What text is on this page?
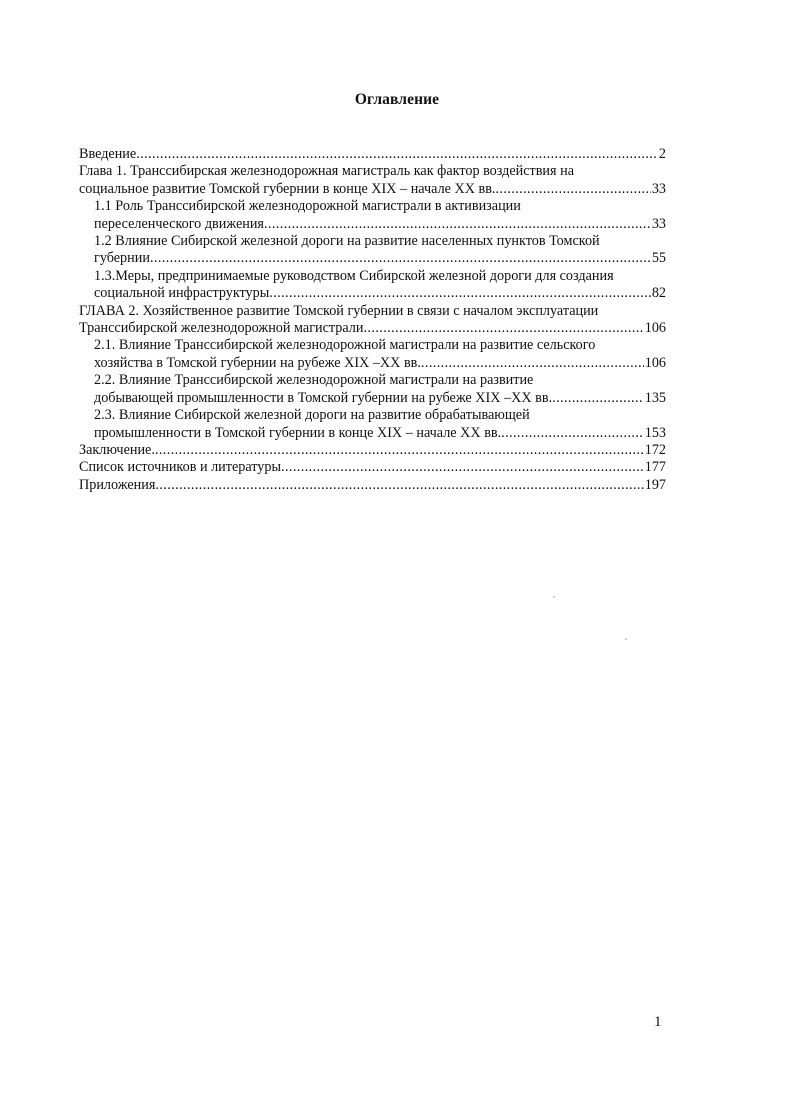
Оглавление
Введение .....	2
Глава 1. Транссибирская железнодорожная магистраль как фактор воздействия на
социальное развитие Томской губернии в конце XIX – начале XX вв. .....	33
1.1 Роль Транссибирской железнодорожной магистрали в активизации
переселенческого движения .....	33
1.2 Влияние Сибирской железной дороги на развитие населенных пунктов Томской
губернии .....	55
1.3.Меры, предпринимаемые руководством Сибирской железной дороги для создания
социальной инфраструктуры .....	82
ГЛАВА 2. Хозяйственное развитие Томской губернии в связи с началом эксплуатации
Транссибирской железнодорожной магистрали .....	106
2.1. Влияние Транссибирской железнодорожной магистрали на развитие сельского
хозяйства в Томской губернии на рубеже XIX –XX вв. .....	106
2.2. Влияние Транссибирской железнодорожной магистрали на развитие
добывающей промышленности в Томской губернии на рубеже XIX –XX вв. .....	135
2.3. Влияние Сибирской железной дороги на развитие обрабатывающей
промышленности в Томской губернии в конце XIX – начале XX вв. .....	153
Заключение. .....	172
Список источников и литературы .....	177
Приложения .....	197
1
